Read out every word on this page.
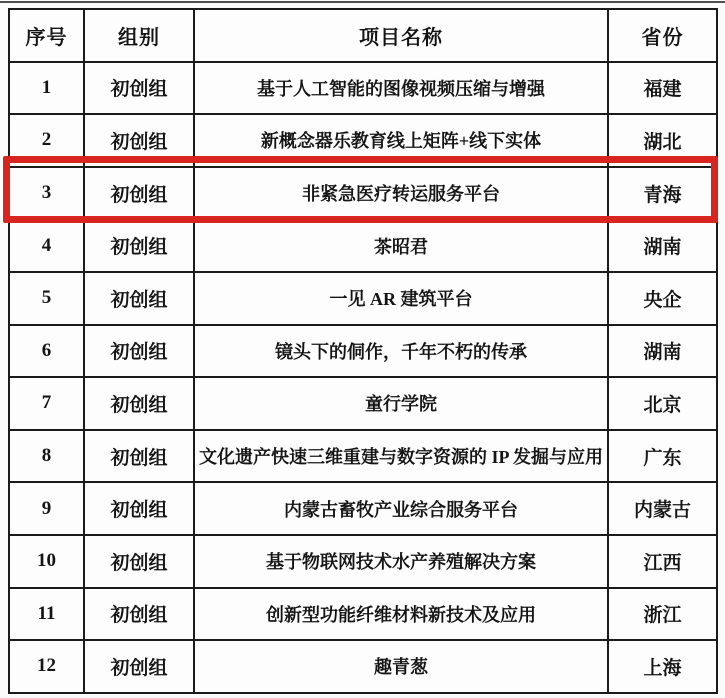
序号	组别	项目名称	省份
1	初创组	基于人工智能的图像视频压缩与增强	福建
2	初创组	新概念器乐教育线上矩阵+线下实体	湖北
3	初创组	非紧急医疗转运服务平台	青海
4	初创组	茶昭君	湖南
5	初创组	一见 AR 建筑平台	央企
6	初创组	镜头下的侗作，千年不朽的传承	湖南
7	初创组	童行学院	北京
8	初创组	文化遗产快速三维重建与数字资源的 IP 发掘与应用	广东
9	初创组	内蒙古畜牧产业综合服务平台	内蒙古
10	初创组	基于物联网技术水产养殖解决方案	江西
11	初创组	创新型功能纤维材料新技术及应用	浙江
12	初创组	趣青葱	上海
